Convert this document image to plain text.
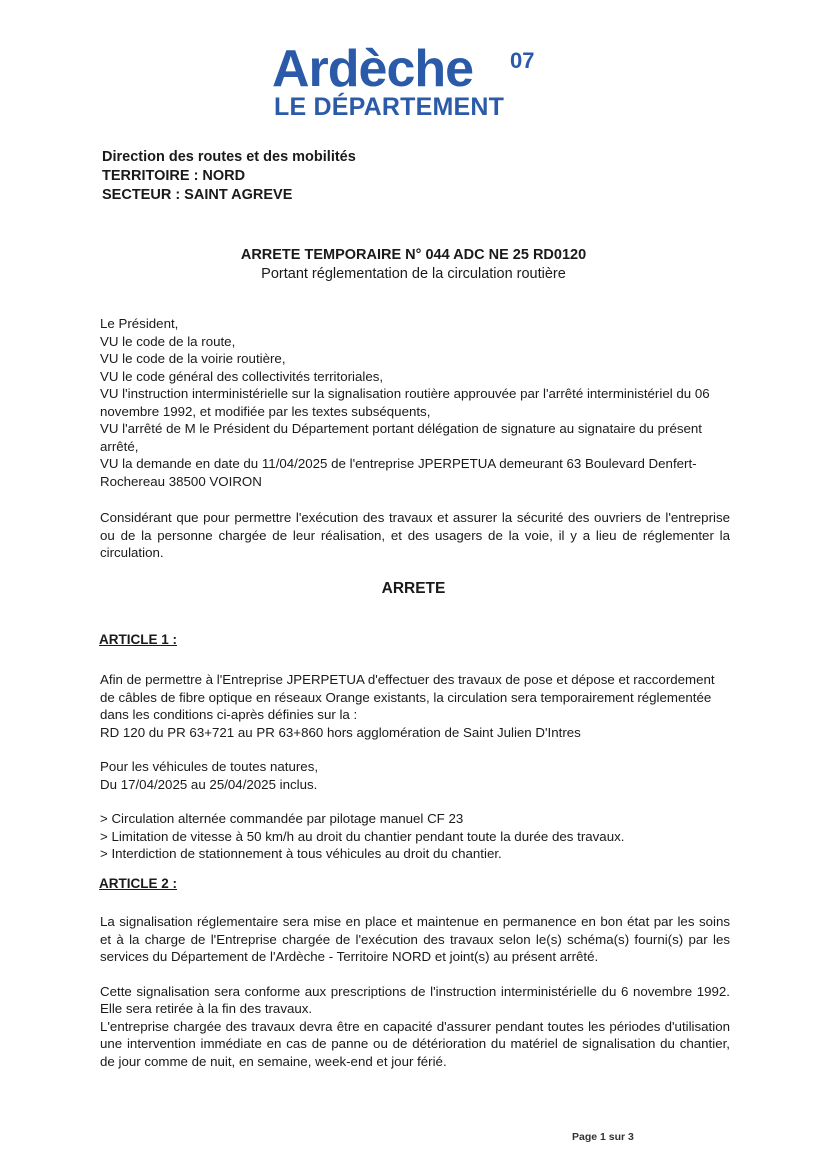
Ardèche	07
LE DÉPARTEMENT
Direction des routes et des mobilités
TERRITOIRE : NORD
SECTEUR : SAINT AGREVE
ARRETE TEMPORAIRE N° 044 ADC NE 25 RD0120
Portant réglementation de la circulation routière
Le Président,
VU le code de la route,
VU le code de la voirie routière,
VU le code général des collectivités territoriales,
VU l'instruction interministérielle sur la signalisation routière approuvée par l'arrêté interministériel du 06 novembre 1992, et modifiée par les textes subséquents,
VU l'arrêté de M le Président du Département portant délégation de signature au signataire du présent arrêté,
VU la demande en date du 11/04/2025 de l'entreprise JPERPETUA demeurant 63 Boulevard Denfert-Rochereau 38500 VOIRON
Considérant que pour permettre l'exécution des travaux et assurer la sécurité des ouvriers de l'entreprise ou de la personne chargée de leur réalisation, et des usagers de la voie, il y a lieu de réglementer la circulation.
ARRETE
ARTICLE 1 :
Afin de permettre à l'Entreprise JPERPETUA d'effectuer des travaux de pose et dépose et raccordement de câbles de fibre optique en réseaux Orange existants, la circulation sera temporairement réglementée dans les conditions ci-après définies sur la :
RD 120 du PR 63+721 au PR 63+860 hors agglomération de Saint Julien D'Intres
Pour les véhicules de toutes natures,
Du 17/04/2025 au 25/04/2025 inclus.
> Circulation alternée commandée par pilotage manuel CF 23
> Limitation de vitesse à 50 km/h au droit du chantier pendant toute la durée des travaux.
> Interdiction de stationnement à tous véhicules au droit du chantier.
ARTICLE 2 :
La signalisation réglementaire sera mise en place et maintenue en permanence en bon état par les soins et à la charge de l'Entreprise chargée de l'exécution des travaux selon le(s) schéma(s) fourni(s) par les services du Département de l'Ardèche - Territoire NORD et joint(s) au présent arrêté.
Cette signalisation sera conforme aux prescriptions de l'instruction interministérielle du 6 novembre 1992. Elle sera retirée à la fin des travaux.
L'entreprise chargée des travaux devra être en capacité d'assurer pendant toutes les périodes d'utilisation une intervention immédiate en cas de panne ou de détérioration du matériel de signalisation du chantier, de jour comme de nuit, en semaine, week-end et jour férié.
Page 1 sur 3
